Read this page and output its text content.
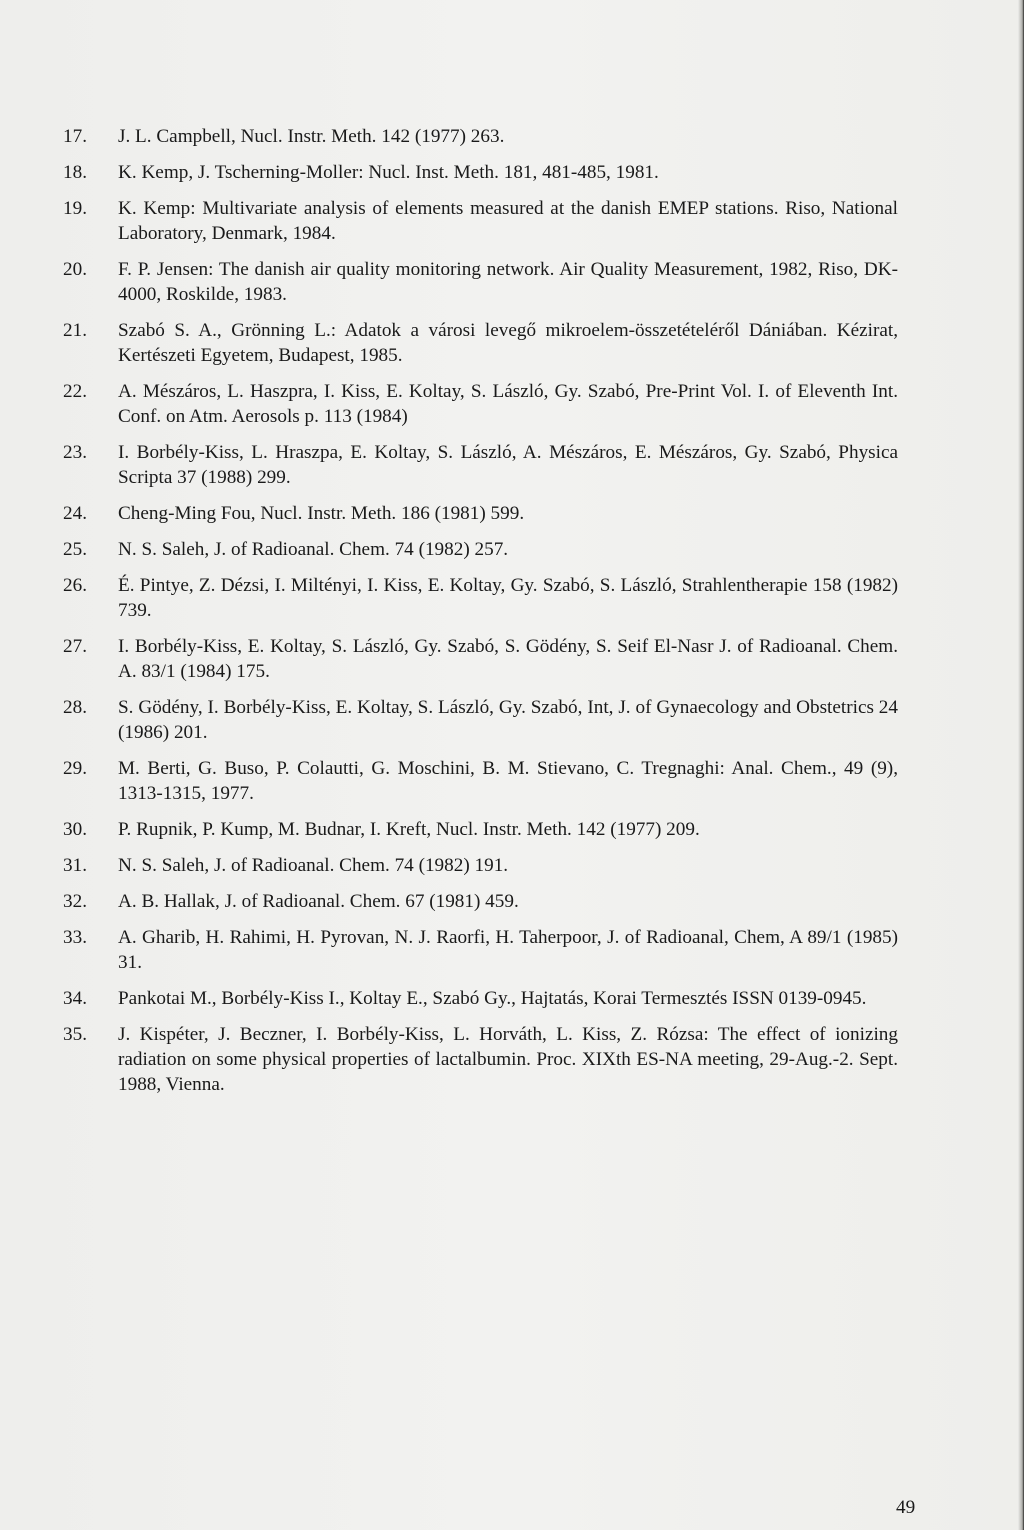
17.	J. L. Campbell, Nucl. Instr. Meth. 142 (1977) 263.
18.	K. Kemp, J. Tscherning-Moller: Nucl. Inst. Meth. 181, 481-485, 1981.
19.	K. Kemp: Multivariate analysis of elements measured at the danish EMEP stations. Riso, National Laboratory, Denmark, 1984.
20.	F. P. Jensen: The danish air quality monitoring network. Air Quality Measurement, 1982, Riso, DK-4000, Roskilde, 1983.
21.	Szabó S. A., Grönning L.: Adatok a városi levegő mikroelem-összetételéről Dániában. Kézirat, Kertészeti Egyetem, Budapest, 1985.
22.	A. Mészáros, L. Haszpra, I. Kiss, E. Koltay, S. László, Gy. Szabó, Pre-Print Vol. I. of Eleventh Int. Conf. on Atm. Aerosols p. 113 (1984)
23.	I. Borbély-Kiss, L. Hraszpa, E. Koltay, S. László, A. Mészáros, E. Mészáros, Gy. Szabó, Physica Scripta 37 (1988) 299.
24.	Cheng-Ming Fou, Nucl. Instr. Meth. 186 (1981) 599.
25.	N. S. Saleh, J. of Radioanal. Chem. 74 (1982) 257.
26.	É. Pintye, Z. Dézsi, I. Miltényi, I. Kiss, E. Koltay, Gy. Szabó, S. László, Strahlentherapie 158 (1982) 739.
27.	I. Borbély-Kiss, E. Koltay, S. László, Gy. Szabó, S. Gödény, S. Seif El-Nasr J. of Radioanal. Chem. A. 83/1 (1984) 175.
28.	S. Gödény, I. Borbély-Kiss, E. Koltay, S. László, Gy. Szabó, Int, J. of Gynaecology and Obstetrics 24 (1986) 201.
29.	M. Berti, G. Buso, P. Colautti, G. Moschini, B. M. Stievano, C. Tregnaghi: Anal. Chem., 49 (9), 1313-1315, 1977.
30.	P. Rupnik, P. Kump, M. Budnar, I. Kreft, Nucl. Instr. Meth. 142 (1977) 209.
31.	N. S. Saleh, J. of Radioanal. Chem. 74 (1982) 191.
32.	A. B. Hallak, J. of Radioanal. Chem. 67 (1981) 459.
33.	A. Gharib, H. Rahimi, H. Pyrovan, N. J. Raorfi, H. Taherpoor, J. of Radioanal, Chem, A 89/1 (1985) 31.
34.	Pankotai M., Borbély-Kiss I., Koltay E., Szabó Gy., Hajtatás, Korai Termesztés ISSN 0139-0945.
35.	J. Kispéter, J. Beczner, I. Borbély-Kiss, L. Horváth, L. Kiss, Z. Rózsa: The effect of ionizing radiation on some physical properties of lactalbumin. Proc. XIXth ES-NA meeting, 29-Aug.-2. Sept. 1988, Vienna.
49
